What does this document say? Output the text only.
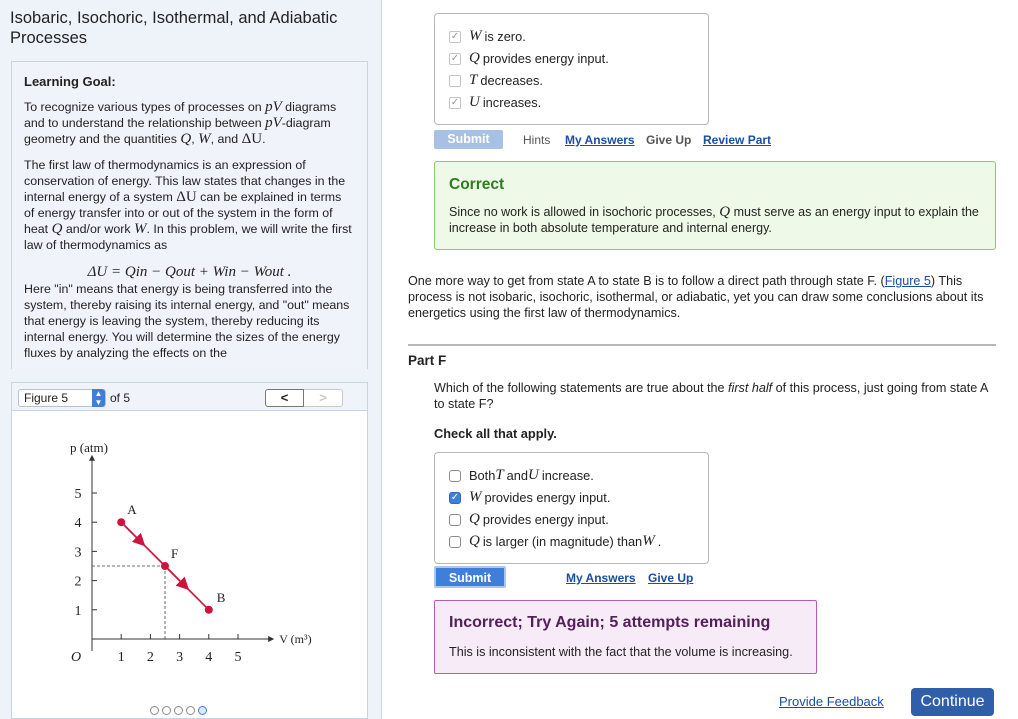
Isobaric, Isochoric, Isothermal, and Adiabatic Processes
Learning Goal:
To recognize various types of processes on pV diagrams and to understand the relationship between pV-diagram geometry and the quantities Q, W, and ΔU.
The first law of thermodynamics is an expression of conservation of energy. This law states that changes in the internal energy of a system ΔU can be explained in terms of energy transfer into or out of the system in the form of heat Q and/or work W. In this problem, we will write the first law of thermodynamics as
ΔU = Qin − Qout + Win − Wout .
Here "in" means that energy is being transferred into the system, thereby raising its internal energy, and "out" means that energy is leaving the system, thereby reducing its internal energy. You will determine the sizes of the energy fluxes by analyzing the effects on the
Figure 5	▲
▼ of 5	<	>
1 2 3 4 5
1
2
3
4
5
O
p (atm)
V (m³)
A
F
B
✓ W is zero.
✓ Q provides energy input.
T decreases.
✓ U increases.
Submit	Hints My Answers Give Up Review Part
Correct
Since no work is allowed in isochoric processes, Q must serve as an energy input to explain the increase in both absolute temperature and internal energy.
One more way to get from state A to state B is to follow a direct path through state F. (Figure 5) This process is not isobaric, isochoric, isothermal, or adiabatic, yet you can draw some conclusions about its energetics using the first law of thermodynamics.
Part F
Which of the following statements are true about the first half of this process, just going from state A to state F?
Check all that apply.
Both T and U increase.
✓ W provides energy input.
Q provides energy input.
Q is larger (in magnitude) than W .
Submit	My Answers Give Up
Incorrect; Try Again; 5 attempts remaining
This is inconsistent with the fact that the volume is increasing.
Provide Feedback	Continue
